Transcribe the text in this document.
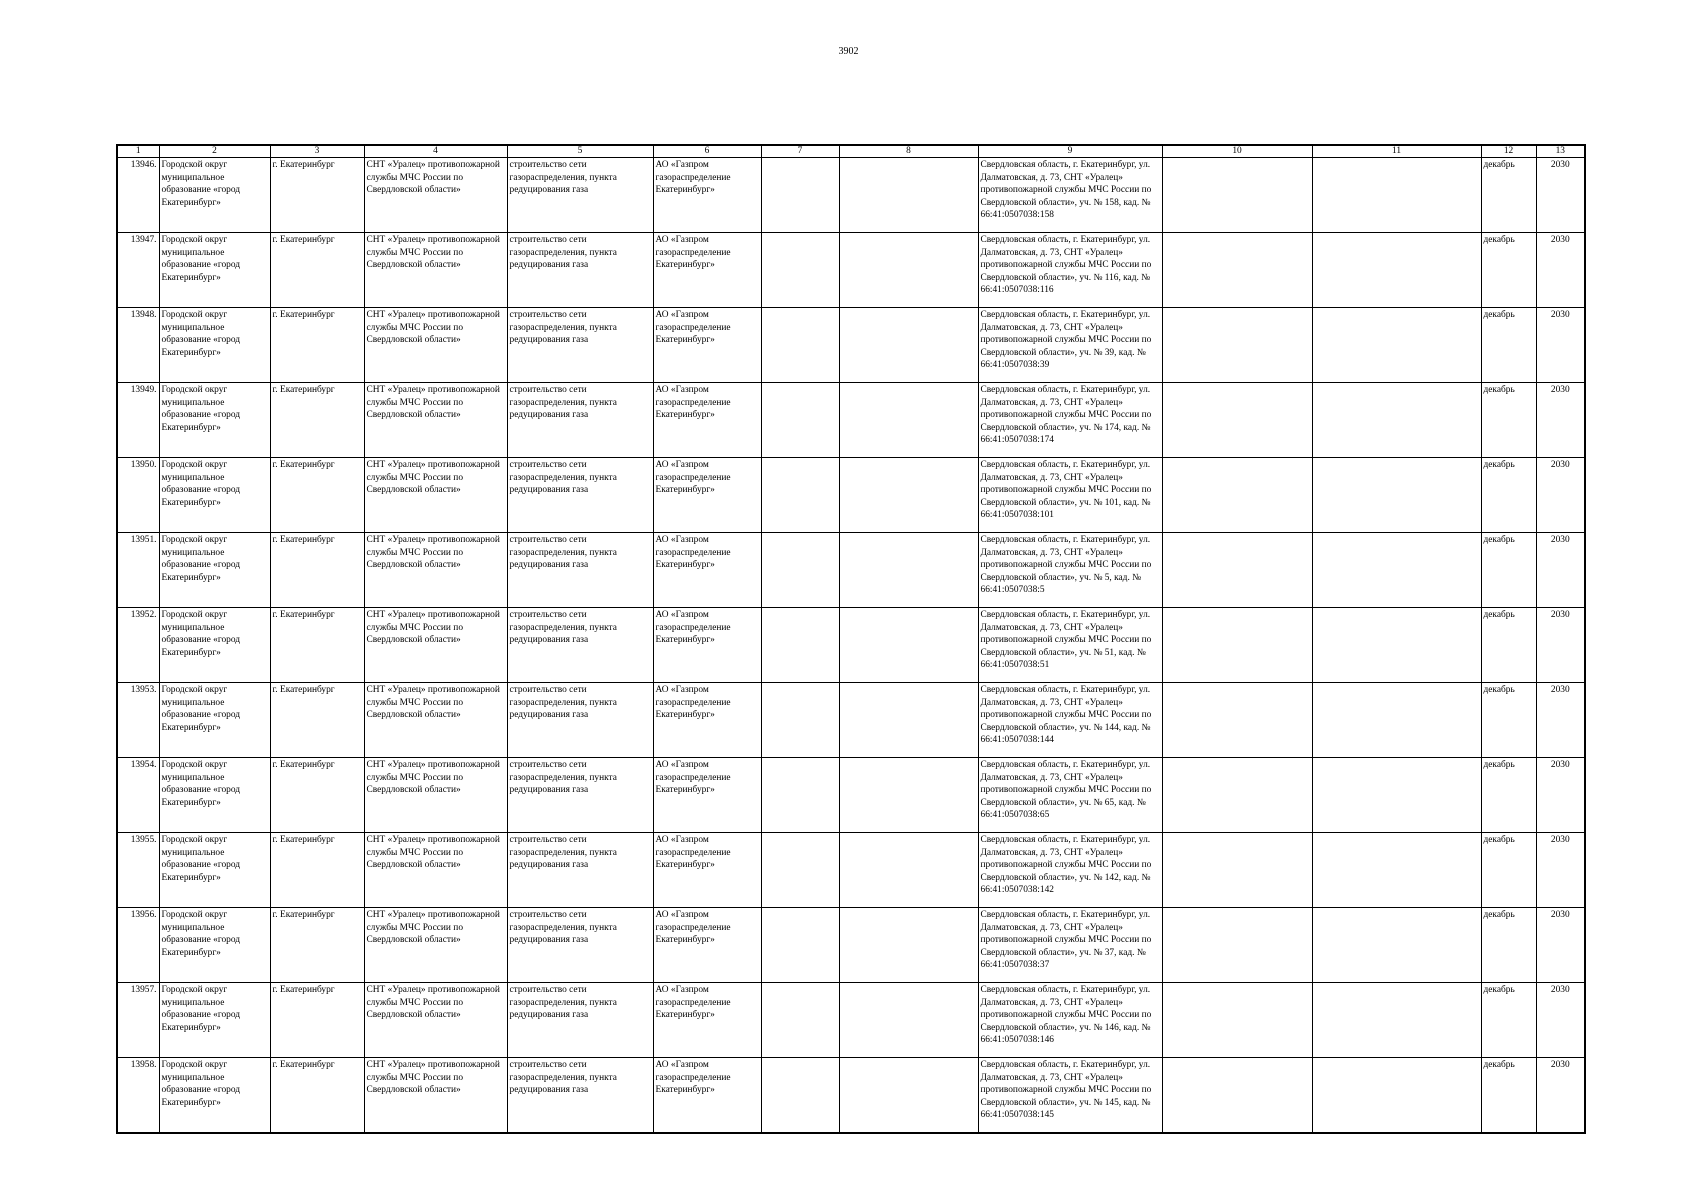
3902
1	2	3	4	5	6	7	8	9	10	11	12	13
13946.	Городской округ муниципальное образование «город Екатеринбург»	г. Екатеринбург	СНТ «Уралец» противопожарной службы МЧС России по Свердловской области»	строительство сети газораспределения, пункта редуцирования газа	АО «Газпром газораспределение Екатеринбург»			Свердловская область, г. Екатеринбург, ул. Далматовская, д. 73, СНТ «Уралец» противопожарной службы МЧС России по Свердловской области», уч. № 158, кад. № 66:41:0507038:158			декабрь	2030
13947.	Городской округ муниципальное образование «город Екатеринбург»	г. Екатеринбург	СНТ «Уралец» противопожарной службы МЧС России по Свердловской области»	строительство сети газораспределения, пункта редуцирования газа	АО «Газпром газораспределение Екатеринбург»			Свердловская область, г. Екатеринбург, ул. Далматовская, д. 73, СНТ «Уралец» противопожарной службы МЧС России по Свердловской области», уч. № 116, кад. № 66:41:0507038:116			декабрь	2030
13948.	Городской округ муниципальное образование «город Екатеринбург»	г. Екатеринбург	СНТ «Уралец» противопожарной службы МЧС России по Свердловской области»	строительство сети газораспределения, пункта редуцирования газа	АО «Газпром газораспределение Екатеринбург»			Свердловская область, г. Екатеринбург, ул. Далматовская, д. 73, СНТ «Уралец» противопожарной службы МЧС России по Свердловской области», уч. № 39, кад. № 66:41:0507038:39			декабрь	2030
13949.	Городской округ муниципальное образование «город Екатеринбург»	г. Екатеринбург	СНТ «Уралец» противопожарной службы МЧС России по Свердловской области»	строительство сети газораспределения, пункта редуцирования газа	АО «Газпром газораспределение Екатеринбург»			Свердловская область, г. Екатеринбург, ул. Далматовская, д. 73, СНТ «Уралец» противопожарной службы МЧС России по Свердловской области», уч. № 174, кад. № 66:41:0507038:174			декабрь	2030
13950.	Городской округ муниципальное образование «город Екатеринбург»	г. Екатеринбург	СНТ «Уралец» противопожарной службы МЧС России по Свердловской области»	строительство сети газораспределения, пункта редуцирования газа	АО «Газпром газораспределение Екатеринбург»			Свердловская область, г. Екатеринбург, ул. Далматовская, д. 73, СНТ «Уралец» противопожарной службы МЧС России по Свердловской области», уч. № 101, кад. № 66:41:0507038:101			декабрь	2030
13951.	Городской округ муниципальное образование «город Екатеринбург»	г. Екатеринбург	СНТ «Уралец» противопожарной службы МЧС России по Свердловской области»	строительство сети газораспределения, пункта редуцирования газа	АО «Газпром газораспределение Екатеринбург»			Свердловская область, г. Екатеринбург, ул. Далматовская, д. 73, СНТ «Уралец» противопожарной службы МЧС России по Свердловской области», уч. № 5, кад. № 66:41:0507038:5			декабрь	2030
13952.	Городской округ муниципальное образование «город Екатеринбург»	г. Екатеринбург	СНТ «Уралец» противопожарной службы МЧС России по Свердловской области»	строительство сети газораспределения, пункта редуцирования газа	АО «Газпром газораспределение Екатеринбург»			Свердловская область, г. Екатеринбург, ул. Далматовская, д. 73, СНТ «Уралец» противопожарной службы МЧС России по Свердловской области», уч. № 51, кад. № 66:41:0507038:51			декабрь	2030
13953.	Городской округ муниципальное образование «город Екатеринбург»	г. Екатеринбург	СНТ «Уралец» противопожарной службы МЧС России по Свердловской области»	строительство сети газораспределения, пункта редуцирования газа	АО «Газпром газораспределение Екатеринбург»			Свердловская область, г. Екатеринбург, ул. Далматовская, д. 73, СНТ «Уралец» противопожарной службы МЧС России по Свердловской области», уч. № 144, кад. № 66:41:0507038:144			декабрь	2030
13954.	Городской округ муниципальное образование «город Екатеринбург»	г. Екатеринбург	СНТ «Уралец» противопожарной службы МЧС России по Свердловской области»	строительство сети газораспределения, пункта редуцирования газа	АО «Газпром газораспределение Екатеринбург»			Свердловская область, г. Екатеринбург, ул. Далматовская, д. 73, СНТ «Уралец» противопожарной службы МЧС России по Свердловской области», уч. № 65, кад. № 66:41:0507038:65			декабрь	2030
13955.	Городской округ муниципальное образование «город Екатеринбург»	г. Екатеринбург	СНТ «Уралец» противопожарной службы МЧС России по Свердловской области»	строительство сети газораспределения, пункта редуцирования газа	АО «Газпром газораспределение Екатеринбург»			Свердловская область, г. Екатеринбург, ул. Далматовская, д. 73, СНТ «Уралец» противопожарной службы МЧС России по Свердловской области», уч. № 142, кад. № 66:41:0507038:142			декабрь	2030
13956.	Городской округ муниципальное образование «город Екатеринбург»	г. Екатеринбург	СНТ «Уралец» противопожарной службы МЧС России по Свердловской области»	строительство сети газораспределения, пункта редуцирования газа	АО «Газпром газораспределение Екатеринбург»			Свердловская область, г. Екатеринбург, ул. Далматовская, д. 73, СНТ «Уралец» противопожарной службы МЧС России по Свердловской области», уч. № 37, кад. № 66:41:0507038:37			декабрь	2030
13957.	Городской округ муниципальное образование «город Екатеринбург»	г. Екатеринбург	СНТ «Уралец» противопожарной службы МЧС России по Свердловской области»	строительство сети газораспределения, пункта редуцирования газа	АО «Газпром газораспределение Екатеринбург»			Свердловская область, г. Екатеринбург, ул. Далматовская, д. 73, СНТ «Уралец» противопожарной службы МЧС России по Свердловской области», уч. № 146, кад. № 66:41:0507038:146			декабрь	2030
13958.	Городской округ муниципальное образование «город Екатеринбург»	г. Екатеринбург	СНТ «Уралец» противопожарной службы МЧС России по Свердловской области»	строительство сети газораспределения, пункта редуцирования газа	АО «Газпром газораспределение Екатеринбург»			Свердловская область, г. Екатеринбург, ул. Далматовская, д. 73, СНТ «Уралец» противопожарной службы МЧС России по Свердловской области», уч. № 145, кад. № 66:41:0507038:145			декабрь	2030
